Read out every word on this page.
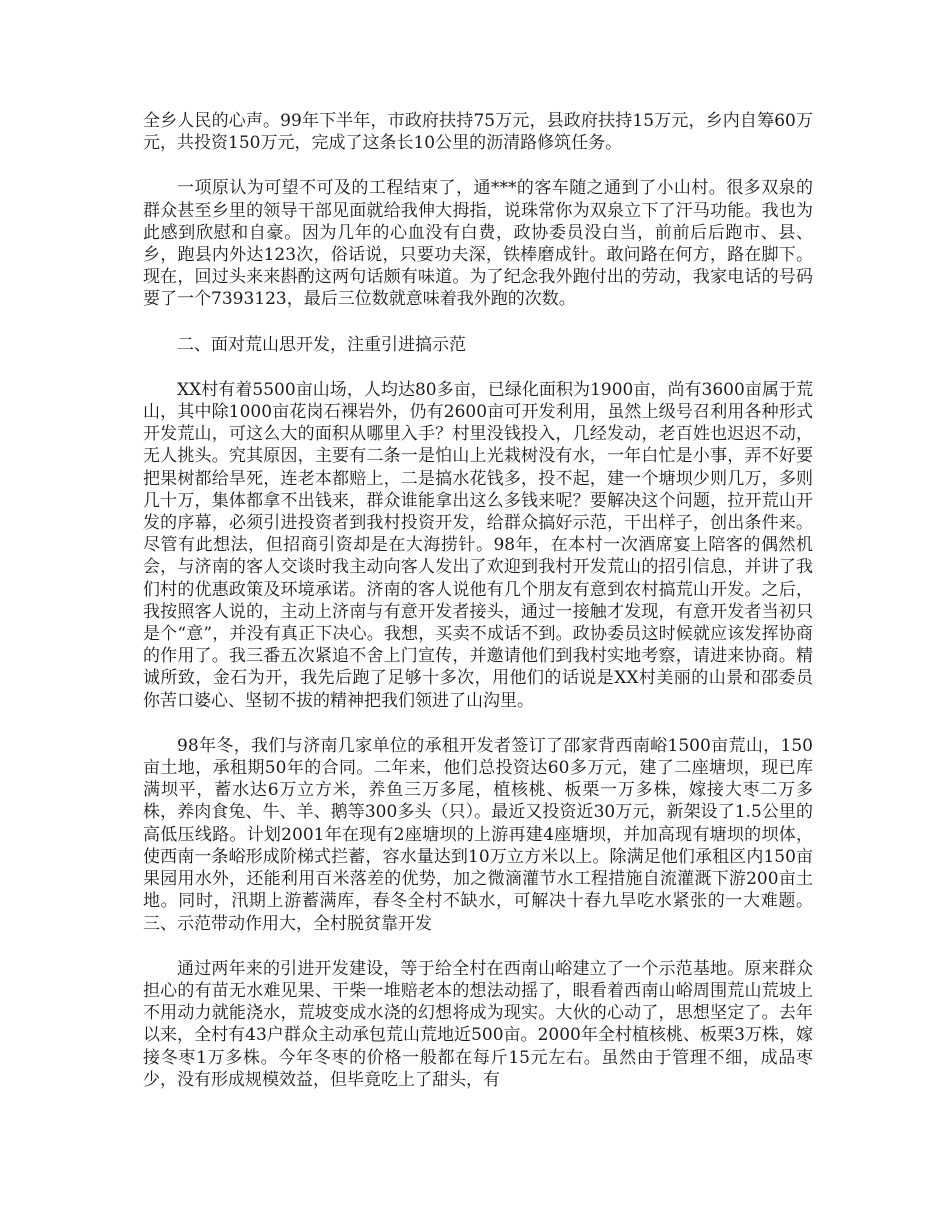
全乡人民的心声。99年下半年，市政府扶持75万元，县政府扶持15万元，乡内自筹60万元，共投资150万元，完成了这条长10公里的沥清路修筑任务。

一项原认为可望不可及的工程结束了，通***的客车随之通到了小山村。很多双泉的群众甚至乡里的领导干部见面就给我伸大拇指，说珠常你为双泉立下了汗马功能。我也为此感到欣慰和自豪。因为几年的心血没有白费，政协委员没白当，前前后后跑市、县、乡，跑县内外达123次，俗话说，只要功夫深，铁棒磨成针。敢问路在何方，路在脚下。现在，回过头来来斟酌这两句话颇有味道。为了纪念我外跑付出的劳动，我家电话的号码要了一个7393123，最后三位数就意味着我外跑的次数。

二、面对荒山思开发，注重引进搞示范

XX村有着5500亩山场，人均达80多亩，已绿化面积为1900亩，尚有3600亩属于荒山，其中除1000亩花岗石裸岩外，仍有2600亩可开发利用，虽然上级号召利用各种形式开发荒山，可这么大的面积从哪里入手？村里没钱投入，几经发动，老百姓也迟迟不动，无人挑头。究其原因，主要有二条一是怕山上光栽树没有水，一年白忙是小事，弄不好要把果树都给旱死，连老本都赔上，二是搞水花钱多，投不起，建一个塘坝少则几万，多则几十万，集体都拿不出钱来，群众谁能拿出这么多钱来呢？要解决这个问题，拉开荒山开发的序幕，必须引进投资者到我村投资开发，给群众搞好示范，干出样子，创出条件来。尽管有此想法，但招商引资却是在大海捞针。98年，在本村一次酒席宴上陪客的偶然机会，与济南的客人交谈时我主动向客人发出了欢迎到我村开发荒山的招引信息，并讲了我们村的优惠政策及环境承诺。济南的客人说他有几个朋友有意到农村搞荒山开发。之后，我按照客人说的，主动上济南与有意开发者接头，通过一接触才发现，有意开发者当初只是个“意”，并没有真正下决心。我想，买卖不成话不到。政协委员这时候就应该发挥协商的作用了。我三番五次紧追不舍上门宣传，并邀请他们到我村实地考察，请进来协商。精诚所致，金石为开，我先后跑了足够十多次，用他们的话说是XX村美丽的山景和邵委员你苦口婆心、坚韧不拔的精神把我们领进了山沟里。

98年冬，我们与济南几家单位的承租开发者签订了邵家背西南峪1500亩荒山，150亩土地，承租期50年的合同。二年来，他们总投资达60多万元，建了二座塘坝，现已库满坝平，蓄水达6万立方米，养鱼三万多尾，植核桃、板栗一万多株，嫁接大枣二万多株，养肉食兔、牛、羊、鹅等300多头（只）。最近又投资近30万元，新架设了1.5公里的高低压线路。计划2001年在现有2座塘坝的上游再建4座塘坝，并加高现有塘坝的坝体，使西南一条峪形成阶梯式拦蓄，容水量达到10万立方米以上。除满足他们承租区内150亩果园用水外，还能利用百米落差的优势，加之微滴灌节水工程措施自流灌溉下游200亩土地。同时，汛期上游蓄满库，春冬全村不缺水，可解决十春九旱吃水紧张的一大难题。三、示范带动作用大，全村脱贫靠开发

通过两年来的引进开发建设，等于给全村在西南山峪建立了一个示范基地。原来群众担心的有苗无水难见果、干柴一堆赔老本的想法动摇了，眼看着西南山峪周围荒山荒坡上不用动力就能浇水，荒坡变成水浇的幻想将成为现实。大伙的心动了，思想坚定了。去年以来，全村有43户群众主动承包荒山荒地近500亩。2000年全村植核桃、板栗3万株，嫁接冬枣1万多株。今年冬枣的价格一般都在每斤15元左右。虽然由于管理不细，成品枣少，没有形成规模效益，但毕竟吃上了甜头，有
